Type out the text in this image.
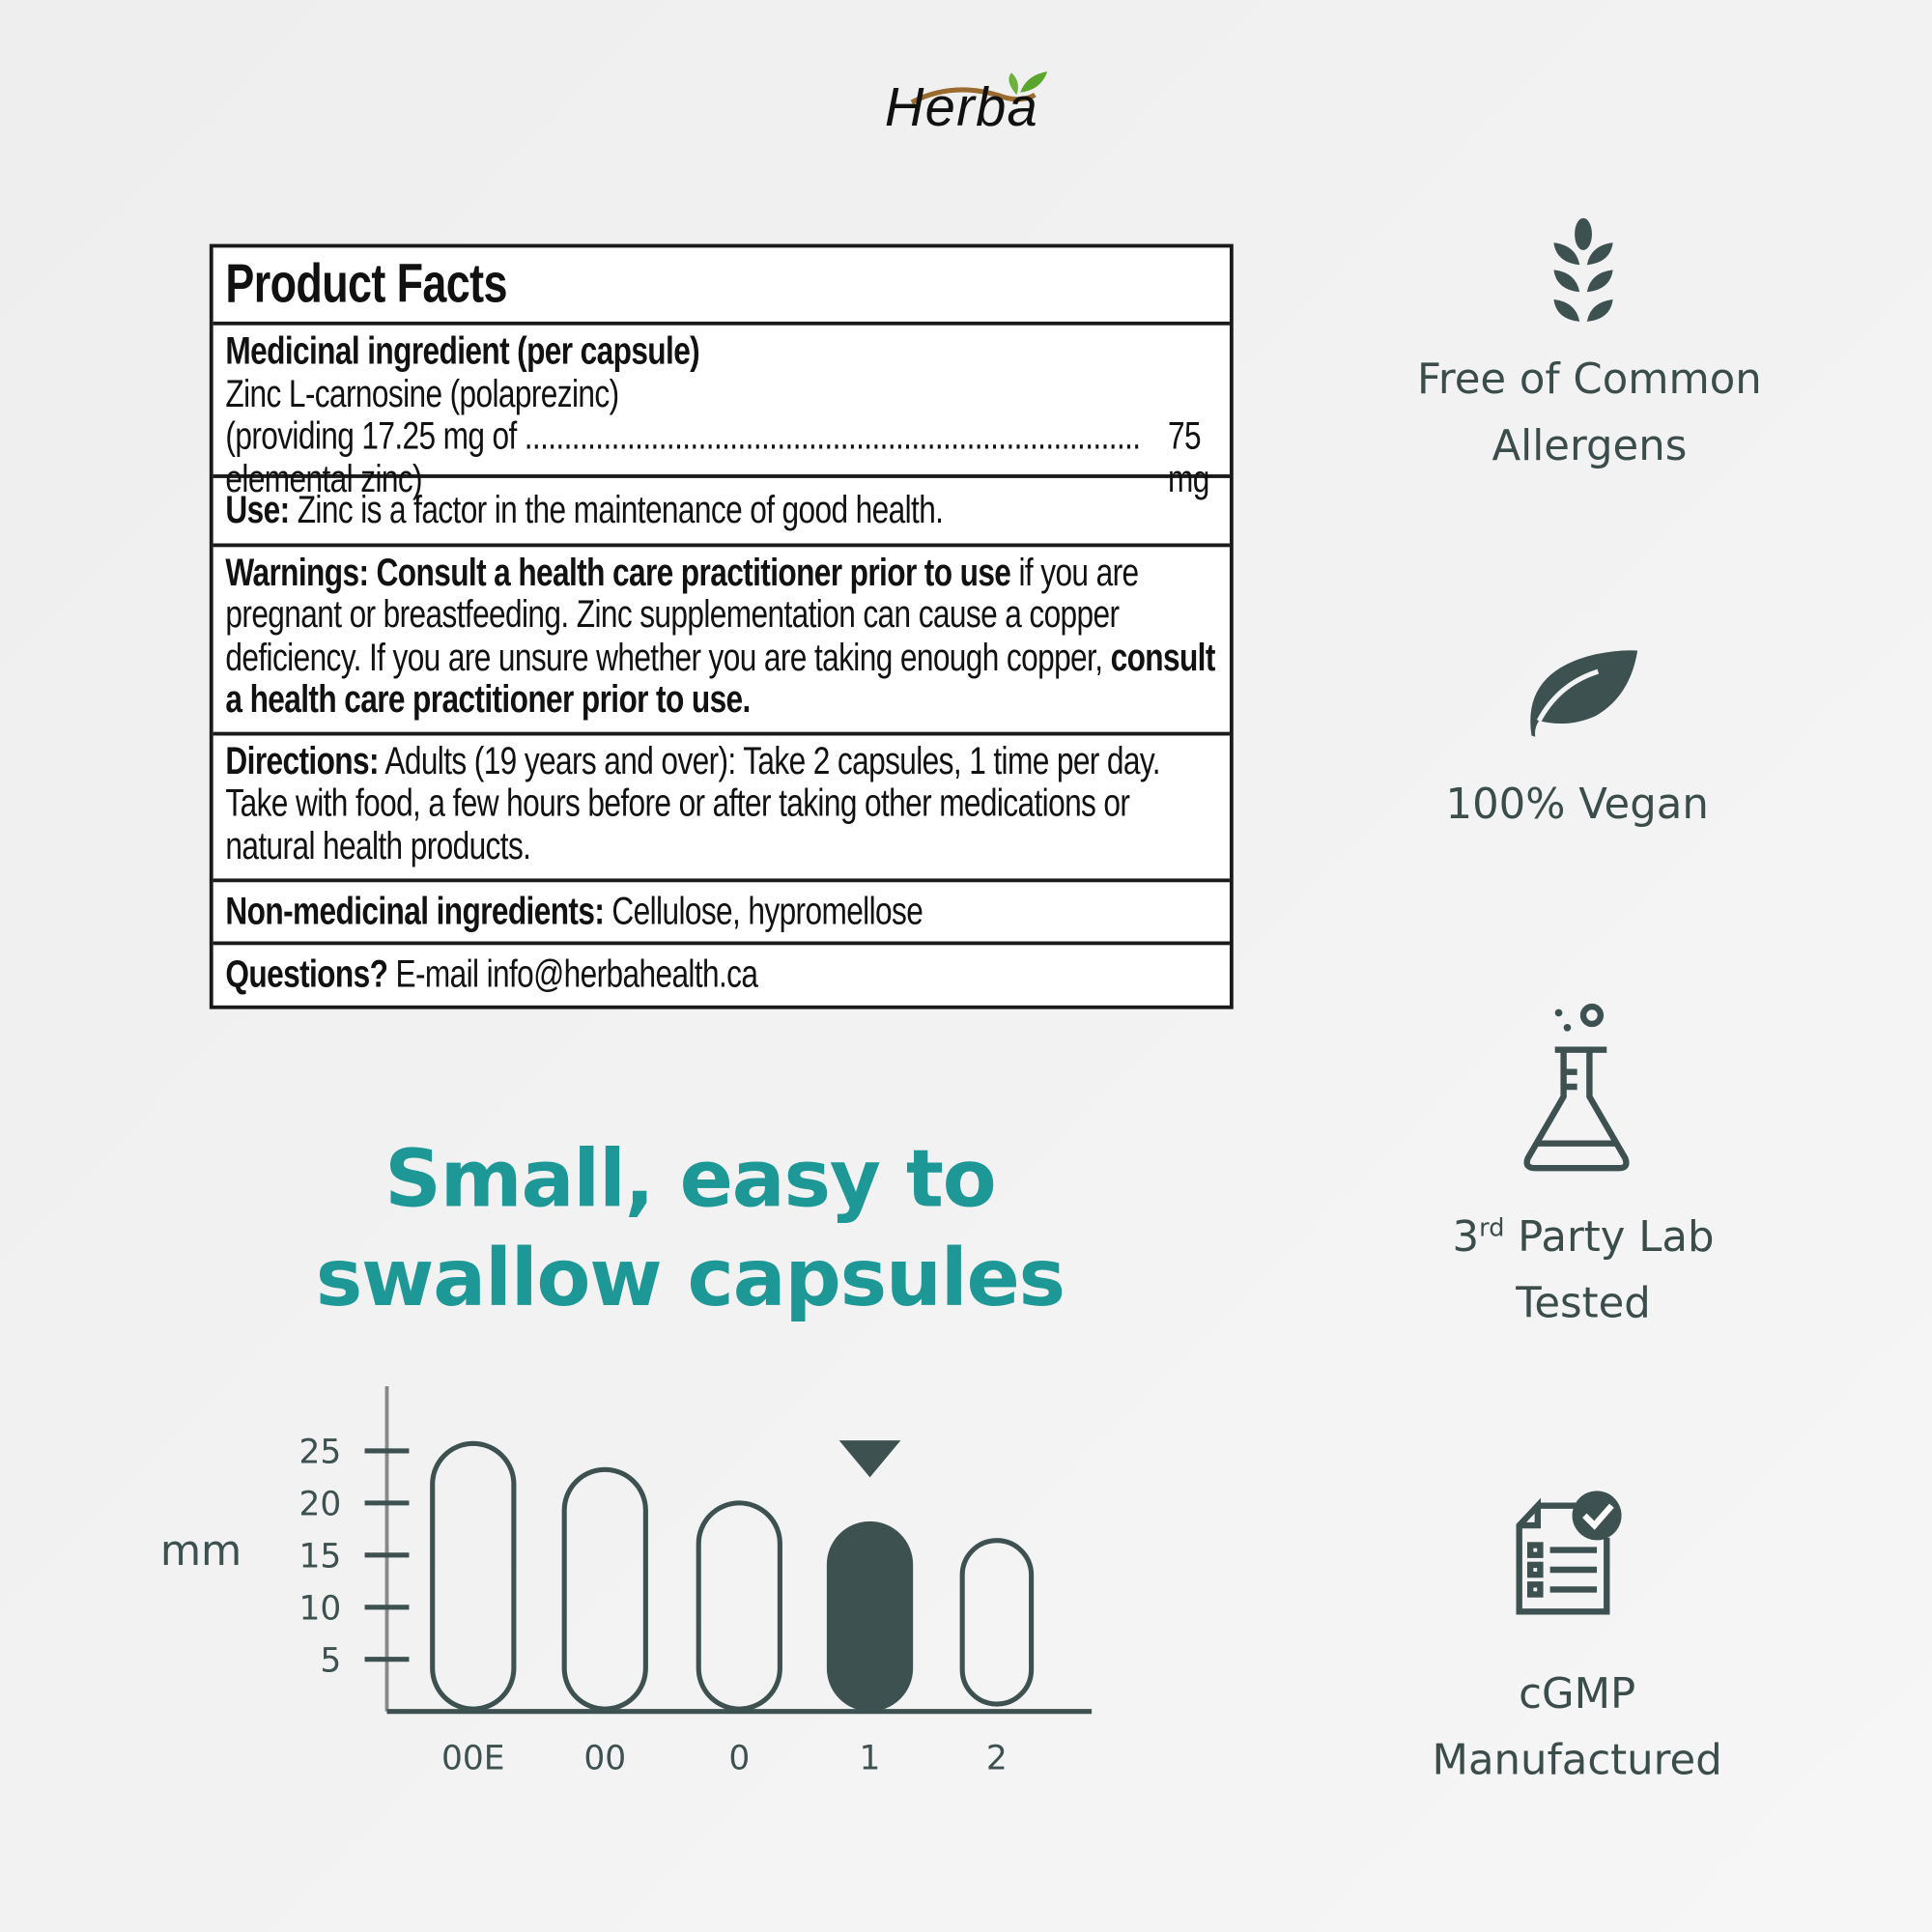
Herba
Product Facts
Medicinal ingredient (per capsule)
Zinc L-carnosine (polaprezinc)
(providing 17.25 mg of elemental zinc)
.............................................................................. 75 mg
Use: Zinc is a factor in the maintenance of good health.
Warnings: Consult a health care practitioner prior to use if you are pregnant or breastfeeding. Zinc supplementation can cause a copper deficiency. If you are unsure whether you are taking enough copper, consult a health care practitioner prior to use.
Directions: Adults (19 years and over): Take 2 capsules, 1 time per day. Take with food, a few hours before or after taking other medications or natural health products.
Non-medicinal ingredients: Cellulose, hypromellose
Questions? E-mail info@herbahealth.ca
Small, easy to
swallow capsules
mm
5
10
15
20
25
00E	00	0	1	2
Free of Common
Allergens
100% Vegan
3rd Party Lab
Tested
cGMP
Manufactured
